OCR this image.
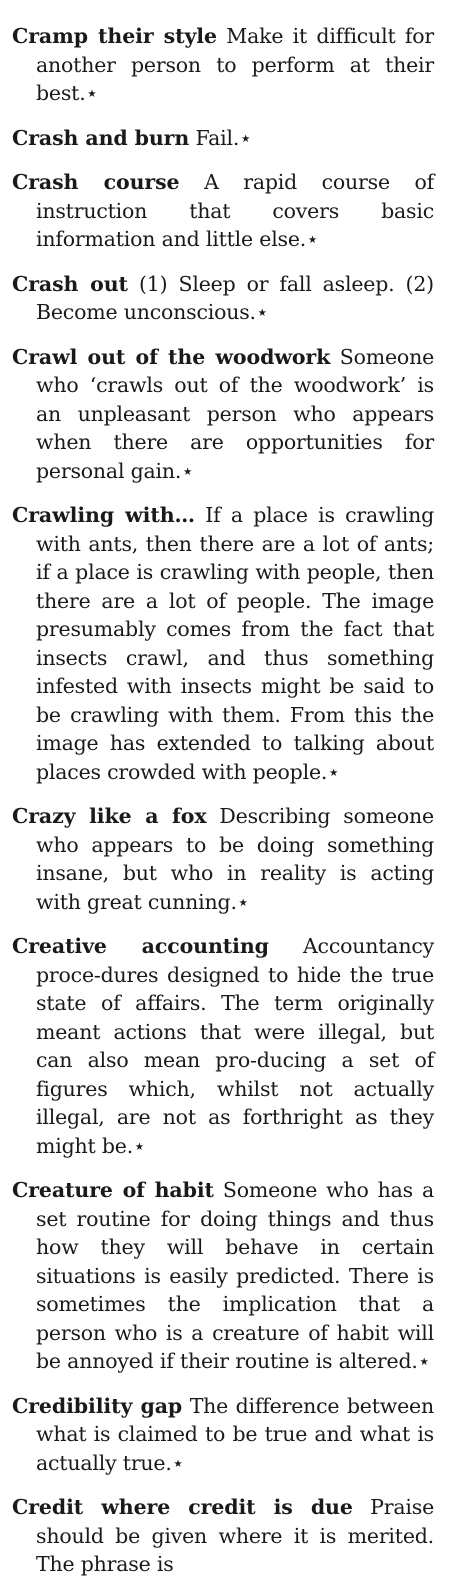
Cramp their style Make it difficult for another person to perform at their best.⋆

Crash and burn Fail.⋆

Crash course A rapid course of instruction that covers basic information and little else.⋆

Crash out (1) Sleep or fall asleep. (2) Become unconscious.⋆

Crawl out of the woodwork Someone who ‘crawls out of the woodwork’ is an unpleasant person who appears when there are opportunities for personal gain.⋆

Crawling with… If a place is crawling with ants, then there are a lot of ants; if a place is crawling with people, then there are a lot of people. The image presumably comes from the fact that insects crawl, and thus something infested with insects might be said to be crawling with them. From this the image has extended to talking about places crowded with people.⋆

Crazy like a fox Describing someone who appears to be doing something insane, but who in reality is acting with great cunning.⋆

Creative accounting Accountancy proce-dures designed to hide the true state of affairs. The term originally meant actions that were illegal, but can also mean pro-ducing a set of figures which, whilst not actually illegal, are not as forthright as they might be.⋆

Creature of habit Someone who has a set routine for doing things and thus how they will behave in certain situations is easily predicted. There is sometimes the implication that a person who is a creature of habit will be annoyed if their routine is altered.⋆

Credibility gap The difference between what is claimed to be true and what is actually true.⋆

Credit where credit is due Praise should be given where it is merited. The phrase is
